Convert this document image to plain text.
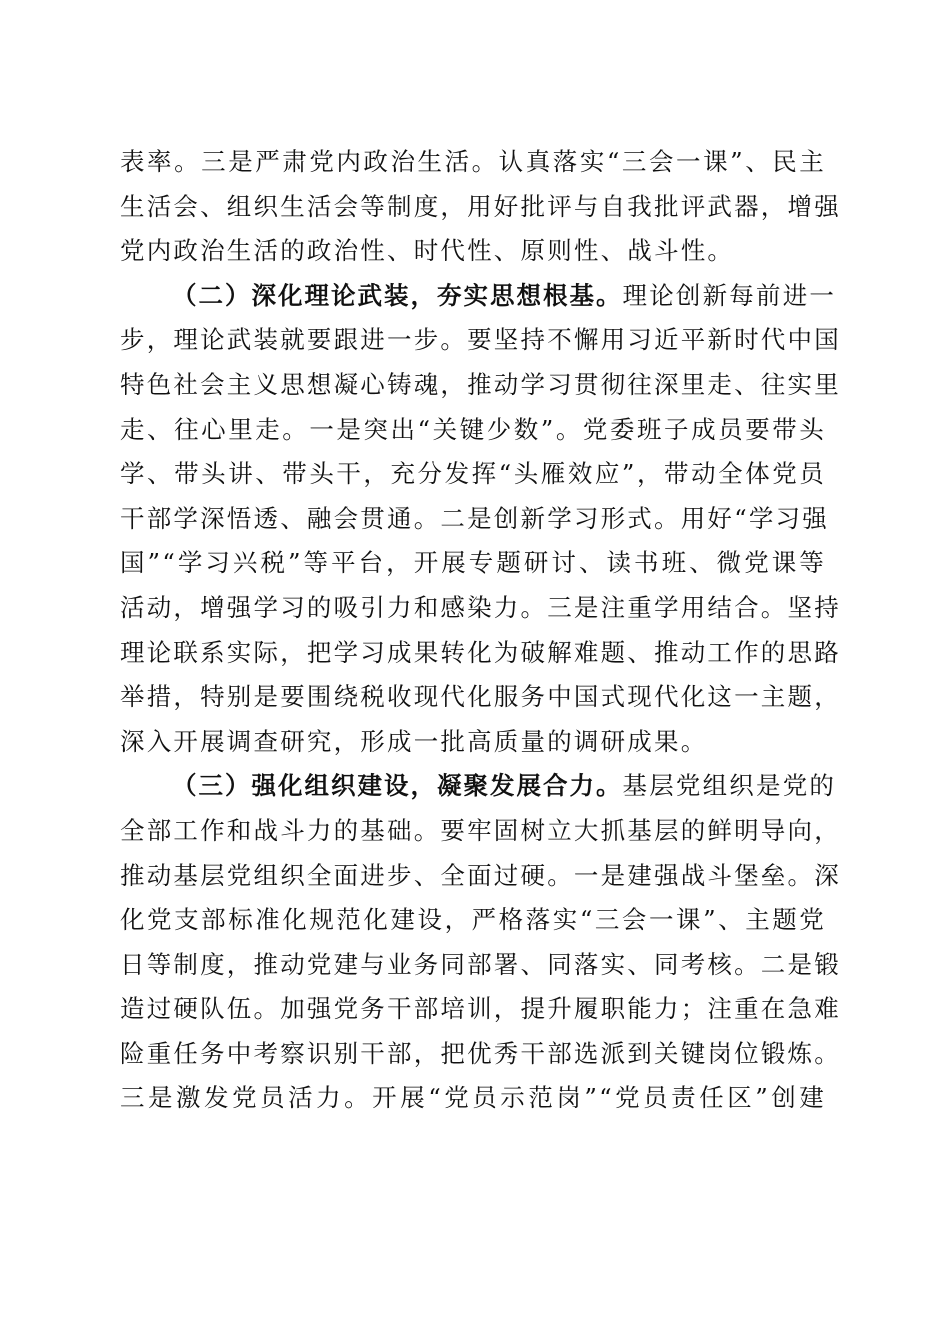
表率。三是严肃党内政治生活。认真落实“三会一课”、民主
生活会、组织生活会等制度，用好批评与自我批评武器，增强
党内政治生活的政治性、时代性、原则性、战斗性。
（二）深化理论武装，夯实思想根基。理论创新每前进一
步，理论武装就要跟进一步。要坚持不懈用习近平新时代中国
特色社会主义思想凝心铸魂，推动学习贯彻往深里走、往实里
走、往心里走。一是突出“关键少数”。党委班子成员要带头
学、带头讲、带头干，充分发挥“头雁效应”，带动全体党员
干部学深悟透、融会贯通。二是创新学习形式。用好“学习强
国”“学习兴税”等平台，开展专题研讨、读书班、微党课等
活动，增强学习的吸引力和感染力。三是注重学用结合。坚持
理论联系实际，把学习成果转化为破解难题、推动工作的思路
举措，特别是要围绕税收现代化服务中国式现代化这一主题，
深入开展调查研究，形成一批高质量的调研成果。
（三）强化组织建设，凝聚发展合力。基层党组织是党的
全部工作和战斗力的基础。要牢固树立大抓基层的鲜明导向，
推动基层党组织全面进步、全面过硬。一是建强战斗堡垒。深
化党支部标准化规范化建设，严格落实“三会一课”、主题党
日等制度，推动党建与业务同部署、同落实、同考核。二是锻
造过硬队伍。加强党务干部培训，提升履职能力；注重在急难
险重任务中考察识别干部，把优秀干部选派到关键岗位锻炼。
三是激发党员活力。开展“党员示范岗”“党员责任区”创建
